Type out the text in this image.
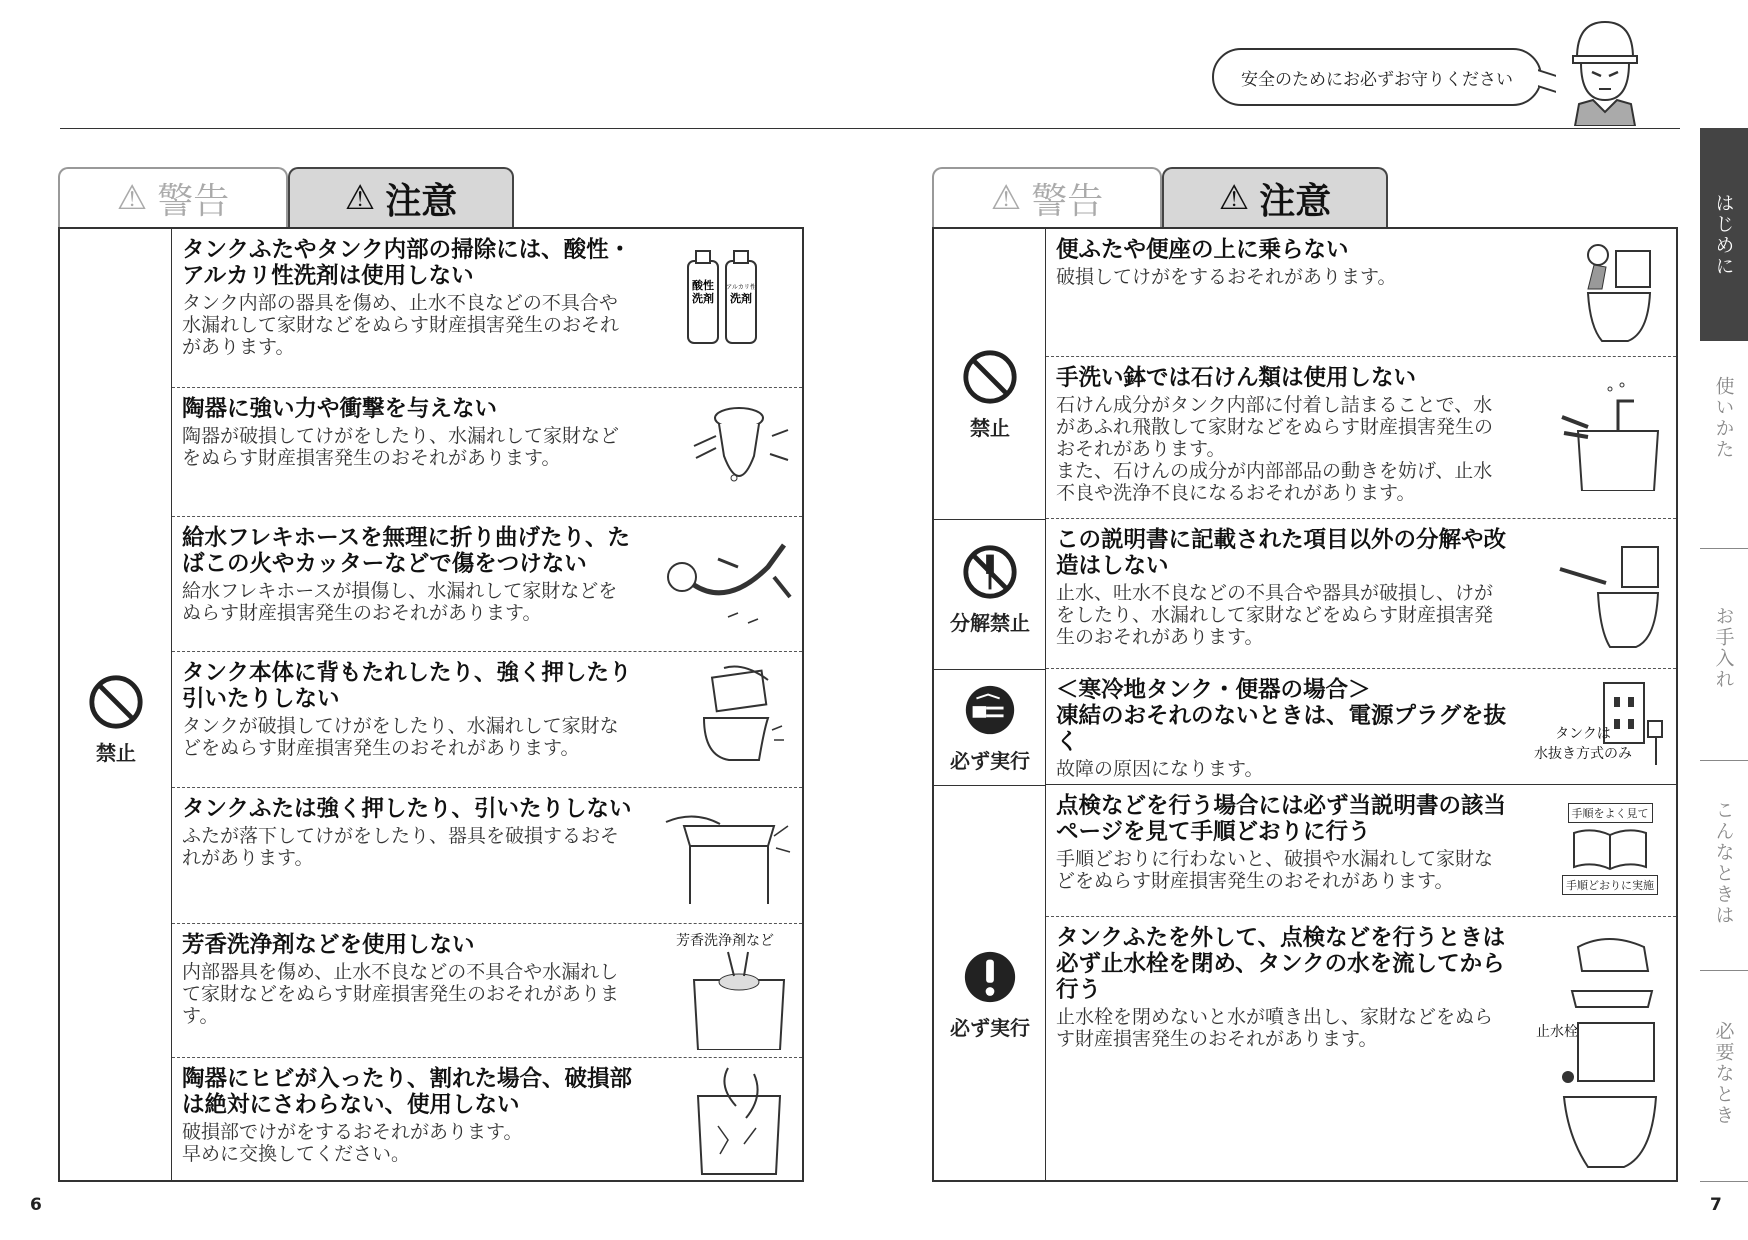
安全のためにお必ずお守りください
⚠ 警告	⚠ 注意
禁止
タンクふたやタンク内部の掃除には、酸性・アルカリ性洗剤は使用しない
タンク内部の器具を傷め、止水不良などの不具合や水漏れして家財などをぬらす財産損害発生のおそれがあります。
酸性
洗剤
アルカリ性
洗剤
陶器に強い力や衝撃を与えない
陶器が破損してけがをしたり、水漏れして家財などをぬらす財産損害発生のおそれがあります。
給水フレキホースを無理に折り曲げたり、たばこの火やカッターなどで傷をつけない
給水フレキホースが損傷し、水漏れして家財などをぬらす財産損害発生のおそれがあります。
タンク本体に背もたれしたり、強く押したり引いたりしない
タンクが破損してけがをしたり、水漏れして家財などをぬらす財産損害発生のおそれがあります。
タンクふたは強く押したり、引いたりしない
ふたが落下してけがをしたり、器具を破損するおそれがあります。
芳香洗浄剤などを使用しない
内部器具を傷め、止水不良などの不具合や水漏れして家財などをぬらす財産損害発生のおそれがあります。
芳香洗浄剤など
陶器にヒビが入ったり、割れた場合、破損部は絶対にさわらない、使用しない
破損部でけがをするおそれがあります。
早めに交換してください。
⚠ 警告	⚠ 注意
禁止
分解禁止
必ず実行
必ず実行
便ふたや便座の上に乗らない
破損してけがをするおそれがあります。
手洗い鉢では石けん類は使用しない
石けん成分がタンク内部に付着し詰まることで、水があふれ飛散して家財などをぬらす財産損害発生のおそれがあります。
また、石けんの成分が内部部品の動きを妨げ、止水不良や洗浄不良になるおそれがあります。
この説明書に記載された項目以外の分解や改造はしない
止水、吐水不良などの不具合や器具が破損し、けがをしたり、水漏れして家財などをぬらす財産損害発生のおそれがあります。
＜寒冷地タンク・便器の場合＞
凍結のおそれのないときは、電源プラグを抜く
故障の原因になります。
タンクは
水抜き方式のみ
点検などを行う場合には必ず当説明書の該当ページを見て手順どおりに行う
手順どおりに行わないと、破損や水漏れして家財などをぬらす財産損害発生のおそれがあります。
手順をよく見て
手順どおりに実施
タンクふたを外して、点検などを行うときは必ず止水栓を閉め、タンクの水を流してから行う
止水栓を閉めないと水が噴き出し、家財などをぬらす財産損害発生のおそれがあります。	止水栓
はじめに
使いかた
お手入れ
こんなときは
必要なとき
6	7
